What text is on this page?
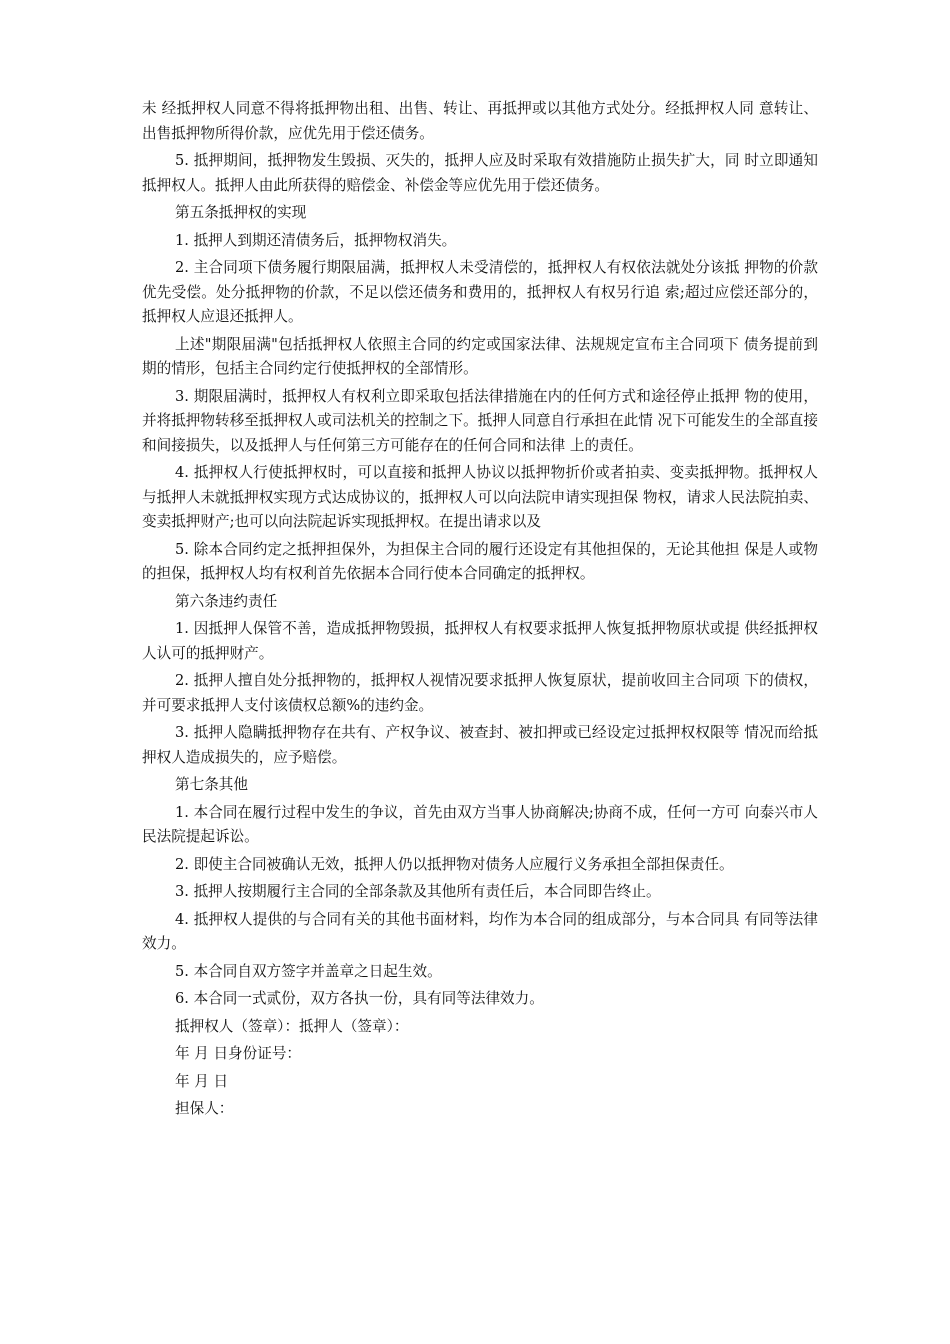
未 经抵押权人同意不得将抵押物出租、出售、转让、再抵押或以其他方式处分。经抵押权人同 意转让、出售抵押物所得价款，应优先用于偿还债务。

5. 抵押期间，抵押物发生毁损、灭失的，抵押人应及时采取有效措施防止损失扩大，同 时立即通知抵押权人。抵押人由此所获得的赔偿金、补偿金等应优先用于偿还债务。

第五条抵押权的实现

1. 抵押人到期还清债务后，抵押物权消失。

2. 主合同项下债务履行期限届满，抵押权人未受清偿的，抵押权人有权依法就处分该抵 押物的价款优先受偿。处分抵押物的价款，不足以偿还债务和费用的，抵押权人有权另行追 索;超过应偿还部分的，抵押权人应退还抵押人。

上述"期限届满"包括抵押权人依照主合同的约定或国家法律、法规规定宣布主合同项下 债务提前到期的情形，包括主合同约定行使抵押权的全部情形。

3. 期限届满时，抵押权人有权利立即采取包括法律措施在内的任何方式和途径停止抵押 物的使用，并将抵押物转移至抵押权人或司法机关的控制之下。抵押人同意自行承担在此情 况下可能发生的全部直接和间接损失，以及抵押人与任何第三方可能存在的任何合同和法律 上的责任。

4. 抵押权人行使抵押权时，可以直接和抵押人协议以抵押物折价或者拍卖、变卖抵押物。抵押权人与抵押人未就抵押权实现方式达成协议的，抵押权人可以向法院申请实现担保 物权，请求人民法院拍卖、变卖抵押财产;也可以向法院起诉实现抵押权。在提出请求以及

5. 除本合同约定之抵押担保外，为担保主合同的履行还设定有其他担保的，无论其他担 保是人或物的担保，抵押权人均有权利首先依据本合同行使本合同确定的抵押权。

第六条违约责任

1. 因抵押人保管不善，造成抵押物毁损，抵押权人有权要求抵押人恢复抵押物原状或提 供经抵押权人认可的抵押财产。

2. 抵押人擅自处分抵押物的，抵押权人视情况要求抵押人恢复原状，提前收回主合同项 下的债权，并可要求抵押人支付该债权总额%的违约金。

3. 抵押人隐瞒抵押物存在共有、产权争议、被查封、被扣押或已经设定过抵押权权限等 情况而给抵押权人造成损失的，应予赔偿。

第七条其他

1. 本合同在履行过程中发生的争议，首先由双方当事人协商解决;协商不成，任何一方可 向泰兴市人民法院提起诉讼。

2. 即使主合同被确认无效，抵押人仍以抵押物对债务人应履行义务承担全部担保责任。

3. 抵押人按期履行主合同的全部条款及其他所有责任后，本合同即告终止。

4. 抵押权人提供的与合同有关的其他书面材料，均作为本合同的组成部分，与本合同具 有同等法律效力。

5. 本合同自双方签字并盖章之日起生效。

6. 本合同一式贰份，双方各执一份，具有同等法律效力。

抵押权人（签章）：抵押人（签章）：

年 月 日身份证号：

年 月 日

担保人：
